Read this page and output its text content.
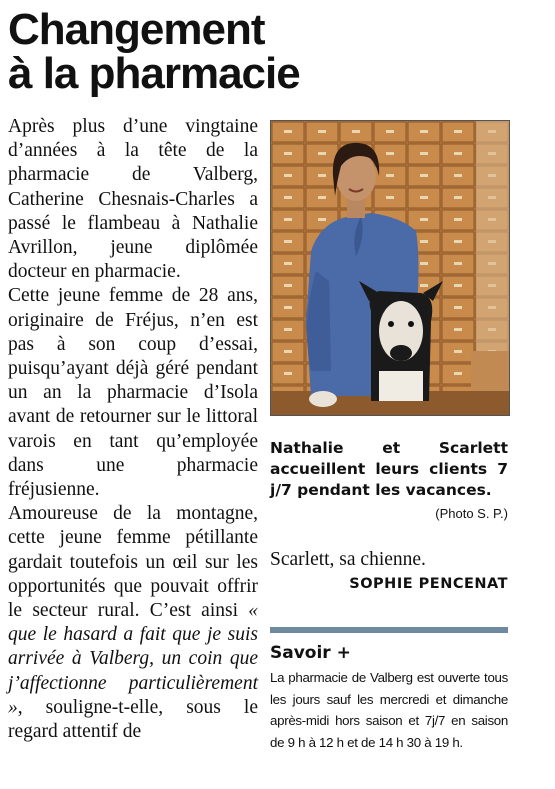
Changement
à la pharmacie

Après plus d’une vingtaine d’années à la tête de la pharmacie de Valberg, Catherine Chesnais-Charles a passé le flambeau à Nathalie Avrillon, jeune diplômée docteur en pharmacie.

Cette jeune femme de 28 ans, originaire de Fréjus, n’en est pas à son coup d’essai, puisqu’ayant déjà géré pendant un an la pharmacie d’Isola avant de retourner sur le littoral varois en tant qu’employée dans une pharmacie fréjusienne.

Amoureuse de la montagne, cette jeune femme pétillante gardait toutefois un œil sur les opportunités que pouvait offrir le secteur rural. C’est ainsi « que le hasard a fait que je suis arrivée à Valberg, un coin que j’affectionne particulièrement », souligne-t-elle, sous le regard attentif de

Nathalie et Scarlett accueillent leurs clients 7 j/7 pendant les vacances.
(Photo S. P.)
Scarlett, sa chienne.
SOPHIE PENCENAT
Savoir +
La pharmacie de Valberg est ouverte tous les jours sauf les mercredi et dimanche après-midi hors saison et 7j/7 en saison de 9 h à 12 h et de 14 h 30 à 19 h.
